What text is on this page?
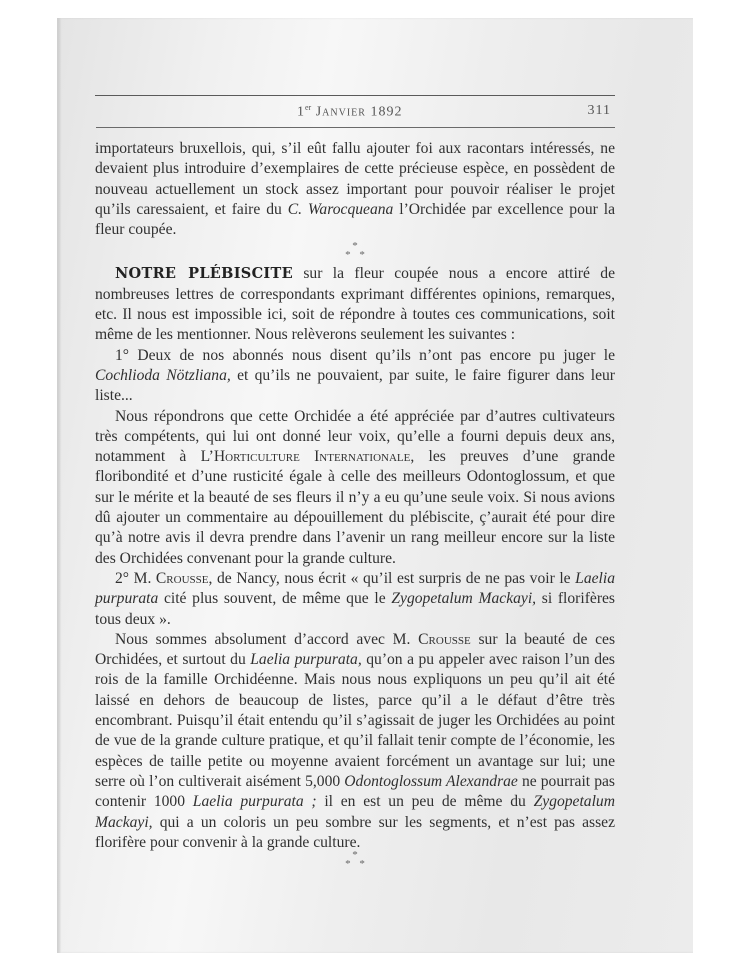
1er Janvier 1892	311

importateurs bruxellois, qui, s’il eût fallu ajouter foi aux racontars intéressés, ne devaient plus introduire d’exemplaires de cette précieuse espèce, en possèdent de nouveau actuellement un stock assez important pour pouvoir réaliser le projet qu’ils caressaient, et faire du C. Warocqueana l’Orchidée par excellence pour la fleur coupée.

*
* *

NOTRE PLÉBISCITE sur la fleur coupée nous a encore attiré de nombreuses lettres de correspondants exprimant différentes opinions, remarques, etc. Il nous est impossible ici, soit de répondre à toutes ces communications, soit même de les mentionner. Nous relèverons seulement les suivantes :

1° Deux de nos abonnés nous disent qu’ils n’ont pas encore pu juger le Cochlioda Nötzliana, et qu’ils ne pouvaient, par suite, le faire figurer dans leur liste...

Nous répondrons que cette Orchidée a été appréciée par d’autres cultivateurs très compétents, qui lui ont donné leur voix, qu’elle a fourni depuis deux ans, notamment à L’Horticulture Internationale, les preuves d’une grande floribondité et d’une rusticité égale à celle des meilleurs Odontoglossum, et que sur le mérite et la beauté de ses fleurs il n’y a eu qu’une seule voix. Si nous avions dû ajouter un commentaire au dépouillement du plébiscite, ç’aurait été pour dire qu’à notre avis il devra prendre dans l’avenir un rang meilleur encore sur la liste des Orchidées convenant pour la grande culture.

2° M. Crousse, de Nancy, nous écrit « qu’il est surpris de ne pas voir le Laelia purpurata cité plus souvent, de même que le Zygopetalum Mackayi, si florifères tous deux ».

Nous sommes absolument d’accord avec M. Crousse sur la beauté de ces Orchidées, et surtout du Laelia purpurata, qu’on a pu appeler avec raison l’un des rois de la famille Orchidéenne. Mais nous nous expliquons un peu qu’il ait été laissé en dehors de beaucoup de listes, parce qu’il a le défaut d’être très encombrant. Puisqu’il était entendu qu’il s’agissait de juger les Orchidées au point de vue de la grande culture pratique, et qu’il fallait tenir compte de l’économie, les espèces de taille petite ou moyenne avaient forcément un avantage sur lui; une serre où l’on cultiverait aisément 5,000 Odontoglossum Alexandrae ne pourrait pas contenir 1000 Laelia purpurata ; il en est un peu de même du Zygopetalum Mackayi, qui a un coloris un peu sombre sur les segments, et n’est pas assez florifère pour convenir à la grande culture.

*
* *
